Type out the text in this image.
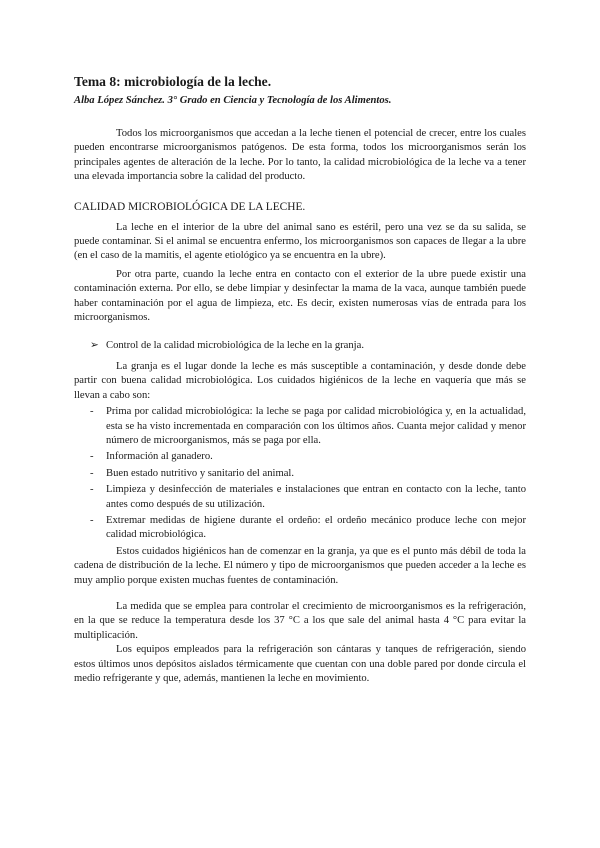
Tema 8: microbiología de la leche.
Alba López Sánchez. 3° Grado en Ciencia y Tecnología de los Alimentos.

Todos los microorganismos que accedan a la leche tienen el potencial de crecer, entre los cuales pueden encontrarse microorganismos patógenos. De esta forma, todos los microorganismos serán los principales agentes de alteración de la leche. Por lo tanto, la calidad microbiológica de la leche va a tener una elevada importancia sobre la calidad del producto.

CALIDAD MICROBIOLÓGICA DE LA LECHE.

La leche en el interior de la ubre del animal sano es estéril, pero una vez se da su salida, se puede contaminar. Si el animal se encuentra enfermo, los microorganismos son capaces de llegar a la ubre (en el caso de la mamitis, el agente etiológico ya se encuentra en la ubre).

Por otra parte, cuando la leche entra en contacto con el exterior de la ubre puede existir una contaminación externa. Por ello, se debe limpiar y desinfectar la mama de la vaca, aunque también puede haber contaminación por el agua de limpieza, etc. Es decir, existen numerosas vías de entrada para los microorganismos.

➢ Control de la calidad microbiológica de la leche en la granja.

La granja es el lugar donde la leche es más susceptible a contaminación, y desde donde debe partir con buena calidad microbiológica. Los cuidados higiénicos de la leche en vaquería que más se llevan a cabo son:

- Prima por calidad microbiológica: la leche se paga por calidad microbiológica y, en la actualidad, esta se ha visto incrementada en comparación con los últimos años. Cuanta mejor calidad y menor número de microorganismos, más se paga por ella.
- Información al ganadero.
- Buen estado nutritivo y sanitario del animal.
- Limpieza y desinfección de materiales e instalaciones que entran en contacto con la leche, tanto antes como después de su utilización.
- Extremar medidas de higiene durante el ordeño: el ordeño mecánico produce leche con mejor calidad microbiológica.

Estos cuidados higiénicos han de comenzar en la granja, ya que es el punto más débil de toda la cadena de distribución de la leche. El número y tipo de microorganismos que pueden acceder a la leche es muy amplio porque existen muchas fuentes de contaminación.

La medida que se emplea para controlar el crecimiento de microorganismos es la refrigeración, en la que se reduce la temperatura desde los 37 °C a los que sale del animal hasta 4 °C para evitar la multiplicación.

Los equipos empleados para la refrigeración son cántaras y tanques de refrigeración, siendo estos últimos unos depósitos aislados térmicamente que cuentan con una doble pared por donde circula el medio refrigerante y que, además, mantienen la leche en movimiento.
